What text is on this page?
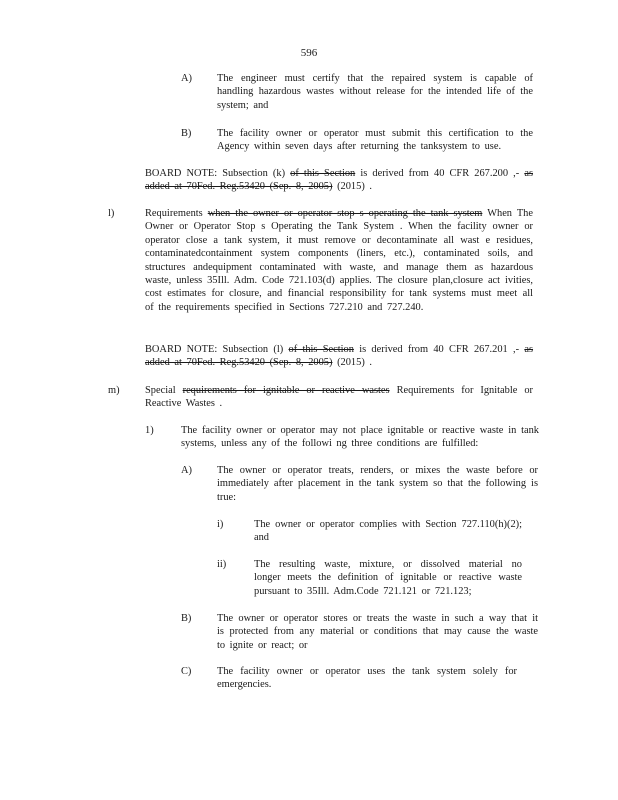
596
A) The engineer must certify that the repaired system is capable of handling hazardous wastes without release for the intended life of the system; and
B) The facility owner or operator must submit this certification to the Agency within seven days after returning the tanksystem to use.
BOARD NOTE: Subsection (k) of this Section is derived from 40 CFR 267.200 ,- as added at 70Fed. Reg.53420 (Sep. 8, 2005) (2015) .
l)	Requirements when the owner or operator stop s operating the tank system When The Owner or Operator Stop s Operating the Tank System . When the facility owner or operator close a tank system, it must remove or decontaminate all wast e residues, contaminatedcontainment system components (liners, etc.), contaminated soils, and structures andequipment contaminated with waste, and manage them as hazardous waste, unless 35Ill. Adm. Code 721.103(d) applies. The closure plan,closure act ivities, cost estimates for closure, and financial responsibility for tank systems must meet all of the requirements specified in Sections 727.210 and 727.240.
BOARD NOTE: Subsection (l) of this Section is derived from 40 CFR 267.201 ,- as added at 70Fed. Reg.53420 (Sep. 8, 2005) (2015) .
m) Special requirements for ignitable or reactive wastes Requirements for Ignitable or Reactive Wastes .
1)	The facility owner or operator may not place ignitable or reactive waste in tank systems, unless any of the followi ng three conditions are fulfilled:
A) The owner or operator treats, renders, or mixes the waste before or immediately after placement in the tank system so that the following is true:
i)	The owner or operator complies with Section 727.110(h)(2); and
ii)	The resulting waste, mixture, or dissolved material no longer meets the definition of ignitable or reactive waste pursuant to 35Ill. Adm.Code 721.121 or 721.123;
B) The owner or operator stores or treats the waste in such a way that it is protected from any material or conditions that may cause the waste to ignite or react; or
C) The facility owner or operator uses the tank system solely for emergencies.
